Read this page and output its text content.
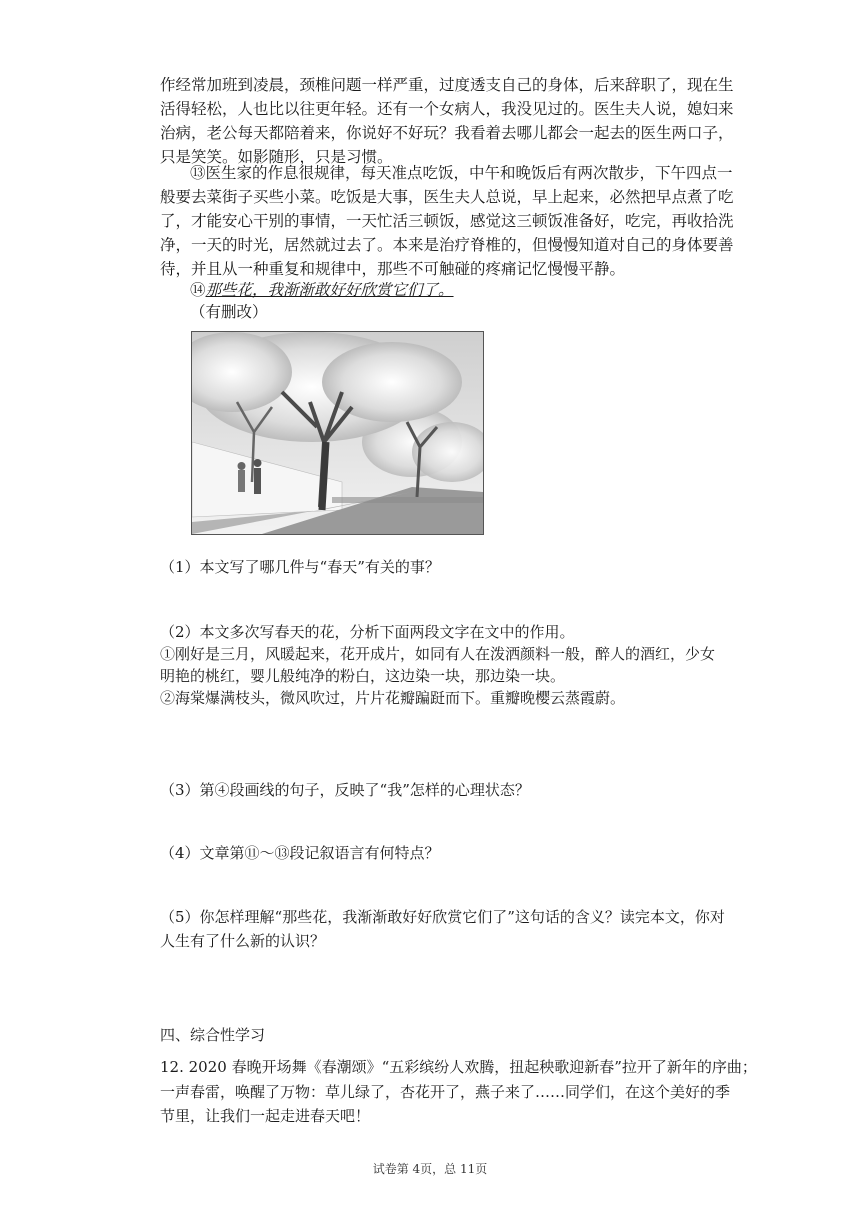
作经常加班到凌晨，颈椎问题一样严重，过度透支自己的身体，后来辞职了，现在生
活得轻松，人也比以往更年轻。还有一个女病人，我没见过的。医生夫人说，媳妇来
治病，老公每天都陪着来，你说好不好玩？我看着去哪儿都会一起去的医生两口子，
只是笑笑。如影随形，只是习惯。
⑬医生家的作息很规律，每天准点吃饭，中午和晚饭后有两次散步，下午四点一
般要去菜街子买些小菜。吃饭是大事，医生夫人总说，早上起来，必然把早点煮了吃
了，才能安心干别的事情，一天忙活三顿饭，感觉这三顿饭准备好，吃完，再收拾洗
净，一天的时光，居然就过去了。本来是治疗脊椎的，但慢慢知道对自己的身体要善
待，并且从一种重复和规律中，那些不可触碰的疼痛记忆慢慢平静。
⑭那些花，我渐渐敢好好欣赏它们了。
（有删改）
（1）本文写了哪几件与“春天”有关的事？
（2）本文多次写春天的花，分析下面两段文字在文中的作用。
①刚好是三月，风暖起来，花开成片，如同有人在泼洒颜料一般，醉人的酒红，少女
明艳的桃红，婴儿般纯净的粉白，这边染一块，那边染一块。
②海棠爆满枝头，微风吹过，片片花瓣蹁跹而下。重瓣晚樱云蒸霞蔚。
（3）第④段画线的句子，反映了“我”怎样的心理状态？
（4）文章第⑪～⑬段记叙语言有何特点？
（5）你怎样理解“那些花，我渐渐敢好好欣赏它们了”这句话的含义？读完本文，你对
人生有了什么新的认识？
四、综合性学习
12. 2020 春晚开场舞《春潮颂》“五彩缤纷人欢腾，扭起秧歌迎新春”拉开了新年的序曲；
一声春雷，唤醒了万物：草儿绿了，杏花开了，燕子来了……同学们，在这个美好的季
节里，让我们一起走进春天吧！
试卷第 4页，总 11页
